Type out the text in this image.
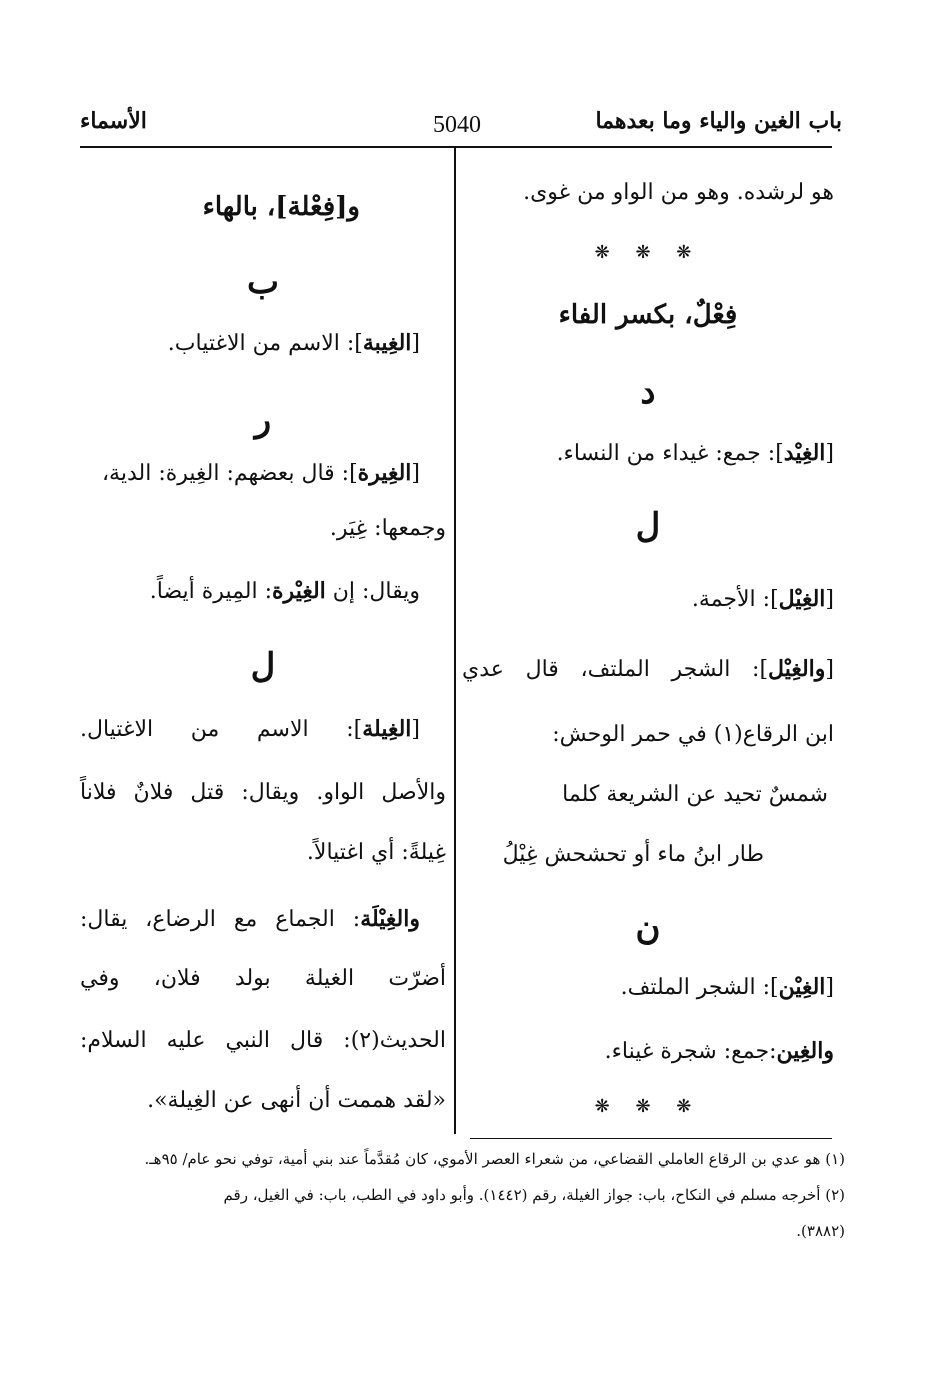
باب الغين والياء وما بعدهما
5040
الأسماء
هو لرشده. وهو من الواو من غوى.
❋ ❋ ❋
فِعْلٌ، بكسر الفاء
د
[الغِيْد]: جمع: غيداء من النساء.
ل
[الغِيْل]: الأجمة.
[والغِيْل]: الشجر الملتف، قال عدي
ابن الرقاع(١) في حمر الوحش:
شمسٌ تحيد عن الشريعة كلما
طار ابنُ ماء أو تحشحش غِيْلُ
ن
[الغِيْن]: الشجر الملتف.
والغِين:جمع: شجرة غيناء.
❋ ❋ ❋
و[فِعْلة]، بالهاء
ب
[الغِيبة]: الاسم من الاغتياب.
ر
[الغِيرة]: قال بعضهم: الغِيرة: الدية،
وجمعها: غِيَر.
ويقال: إن الغِيْرة: المِيرة أيضاً.
ل
[الغِيلة]: الاسم من الاغتيال.
والأصل الواو. ويقال: قتل فلانٌ فلاناً
غِيلةً: أي اغتيالاً.
والغِيْلَة: الجماع مع الرضاع، يقال:
أضرّت الغيلة بولد فلان، وفي
الحديث(٢): قال النبي عليه السلام:
«لقد هممت أن أنهى عن الغِيلة».
(١) هو عدي بن الرقاع العاملي القضاعي، من شعراء العصر الأموي، كان مُقدَّماً عند بني أمية، توفي نحو عام/ ٩٥هـ.
(٢) أخرجه مسلم في النكاح، باب: جواز الغيلة، رقم (١٤٤٢). وأبو داود في الطب، باب: في الغيل، رقم
(٣٨٨٢).
